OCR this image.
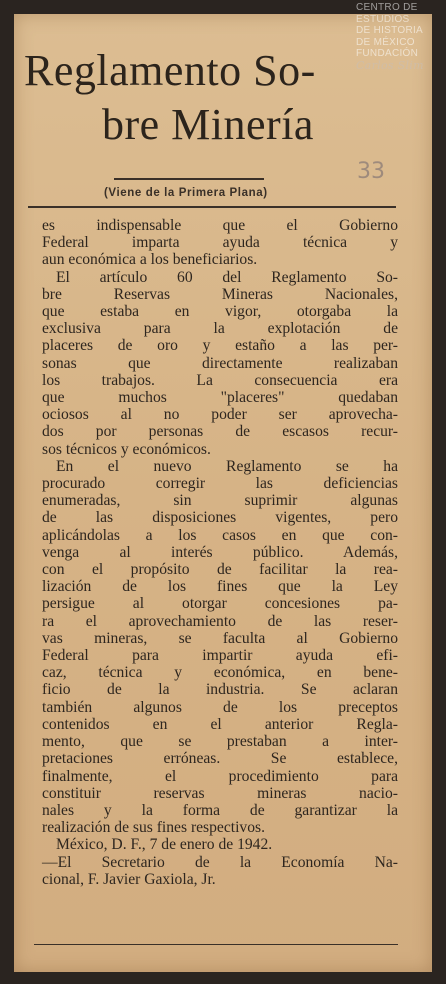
Reglamento So-
bre Minería
33
(Viene de la Primera Plana)
es indispensable que el Gobierno
Federal imparta ayuda técnica y
aun económica a los beneficiarios.
El artículo 60 del Reglamento So-
bre Reservas Mineras Nacionales,
que estaba en vigor, otorgaba la
exclusiva para la explotación de
placeres de oro y estaño a las per-
sonas que directamente realizaban
los trabajos. La consecuencia era
que muchos "placeres" quedaban
ociosos al no poder ser aprovecha-
dos por personas de escasos recur-
sos técnicos y económicos.
En el nuevo Reglamento se ha
procurado corregir las deficiencias
enumeradas, sin suprimir algunas
de las disposiciones vigentes, pero
aplicándolas a los casos en que con-
venga al interés público. Además,
con el propósito de facilitar la rea-
lización de los fines que la Ley
persigue al otorgar concesiones pa-
ra el aprovechamiento de las reser-
vas mineras, se faculta al Gobierno
Federal para impartir ayuda efi-
caz, técnica y económica, en bene-
ficio de la industria. Se aclaran
también algunos de los preceptos
contenidos en el anterior Regla-
mento, que se prestaban a inter-
pretaciones erróneas. Se establece,
finalmente, el procedimiento para
constituir reservas mineras nacio-
nales y la forma de garantizar la
realización de sus fines respectivos.
México, D. F., 7 de enero de 1942.
—El Secretario de la Economía Na-
cional, F. Javier Gaxiola, Jr.
CENTRO DE
ESTUDIOS
DE HISTORIA
DE MÉXICO
FUNDACIÓN
Carlos Slim
